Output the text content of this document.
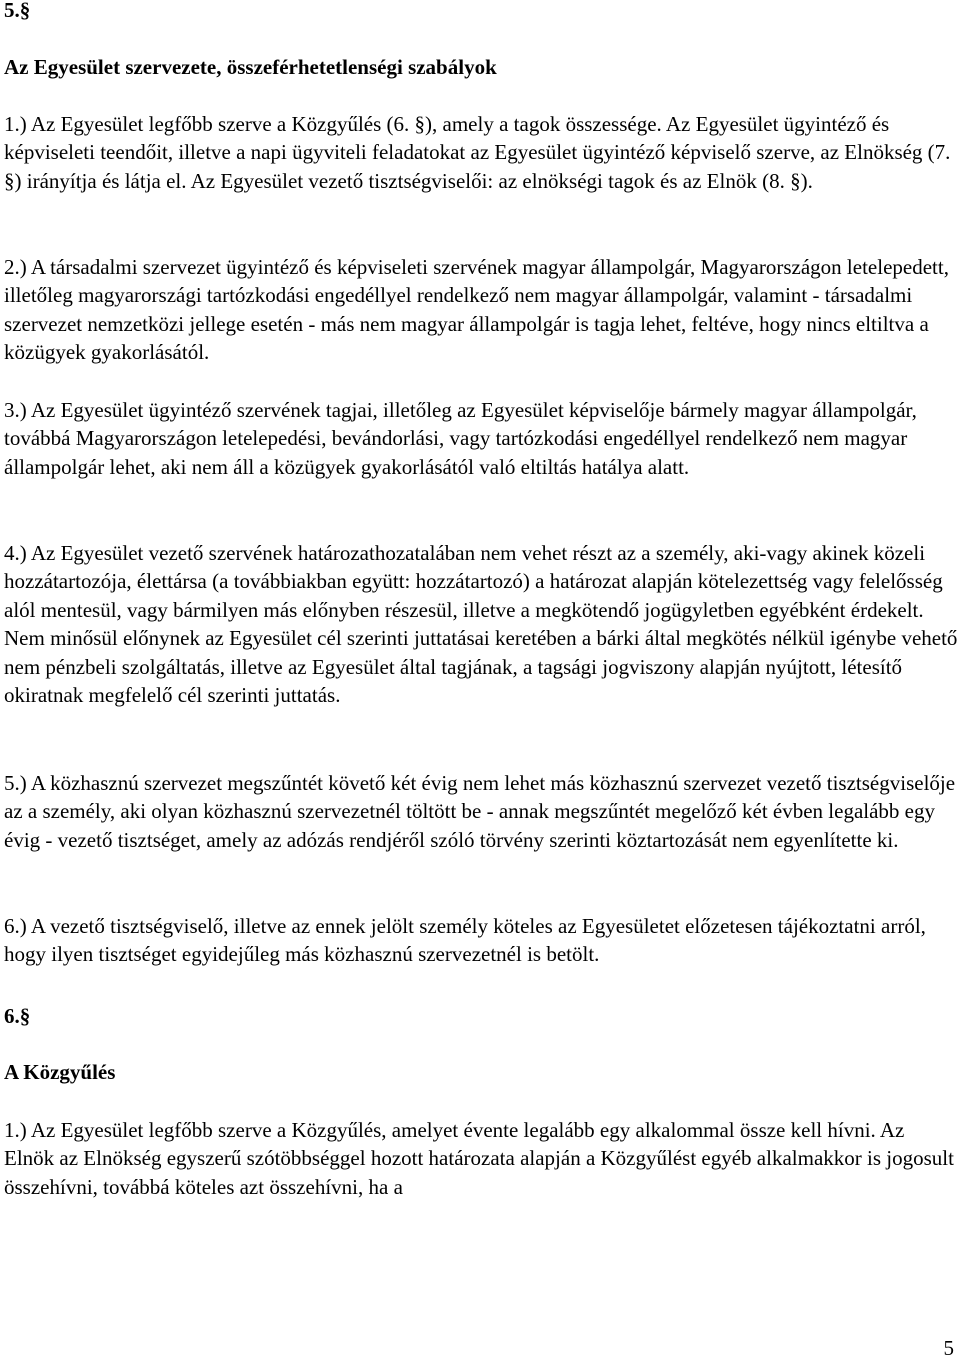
5.§

Az Egyesület szervezete, összeférhetetlenségi szabályok

1.) Az Egyesület legfőbb szerve a Közgyűlés (6. §), amely a tagok összessége. Az Egyesület ügyintéző és képviseleti teendőit, illetve a napi ügyviteli feladatokat az Egyesület ügyintéző képviselő szerve, az Elnökség (7. §) irányítja és látja el. Az Egyesület vezető tisztségviselői: az elnökségi tagok és az Elnök (8. §).

2.) A társadalmi szervezet ügyintéző és képviseleti szervének magyar állampolgár, Magyarországon letelepedett, illetőleg magyarországi tartózkodási engedéllyel rendelkező nem magyar állampolgár, valamint - társadalmi szervezet nemzetközi jellege esetén - más nem magyar állampolgár is tagja lehet, feltéve, hogy nincs eltiltva a közügyek gyakorlásától.

3.) Az Egyesület ügyintéző szervének tagjai, illetőleg az Egyesület képviselője bármely magyar állampolgár, továbbá Magyarországon letelepedési, bevándorlási, vagy tartózkodási engedéllyel rendelkező nem magyar állampolgár lehet, aki nem áll a közügyek gyakorlásától való eltiltás hatálya alatt.

4.) Az Egyesület vezető szervének határozathozatalában nem vehet részt az a személy, aki-vagy akinek közeli hozzátartozója, élettársa (a továbbiakban együtt: hozzátartozó) a határozat alapján kötelezettség vagy felelősség alól mentesül, vagy bármilyen más előnyben részesül, illetve a megkötendő jogügyletben egyébként érdekelt. Nem minősül előnynek az Egyesület cél szerinti juttatásai keretében a bárki által megkötés nélkül igénybe vehető nem pénzbeli szolgáltatás, illetve az Egyesület által tagjának, a tagsági jogviszony alapján nyújtott, létesítő okiratnak megfelelő cél szerinti juttatás.

5.) A közhasznú szervezet megszűntét követő két évig nem lehet más közhasznú szervezet vezető tisztségviselője az a személy, aki olyan közhasznú szervezetnél töltött be - annak megszűntét megelőző két évben legalább egy évig - vezető tisztséget, amely az adózás rendjéről szóló törvény szerinti köztartozását nem egyenlítette ki.

6.) A vezető tisztségviselő, illetve az ennek jelölt személy köteles az Egyesületet előzetesen tájékoztatni arról, hogy ilyen tisztséget egyidejűleg más közhasznú szervezetnél is betölt.

6.§

A Közgyűlés

1.) Az Egyesület legfőbb szerve a Közgyűlés, amelyet évente legalább egy alkalommal össze kell hívni. Az Elnök az Elnökség egyszerű szótöbbséggel hozott határozata alapján a Közgyűlést egyéb alkalmakkor is jogosult összehívni, továbbá köteles azt összehívni, ha a

5
